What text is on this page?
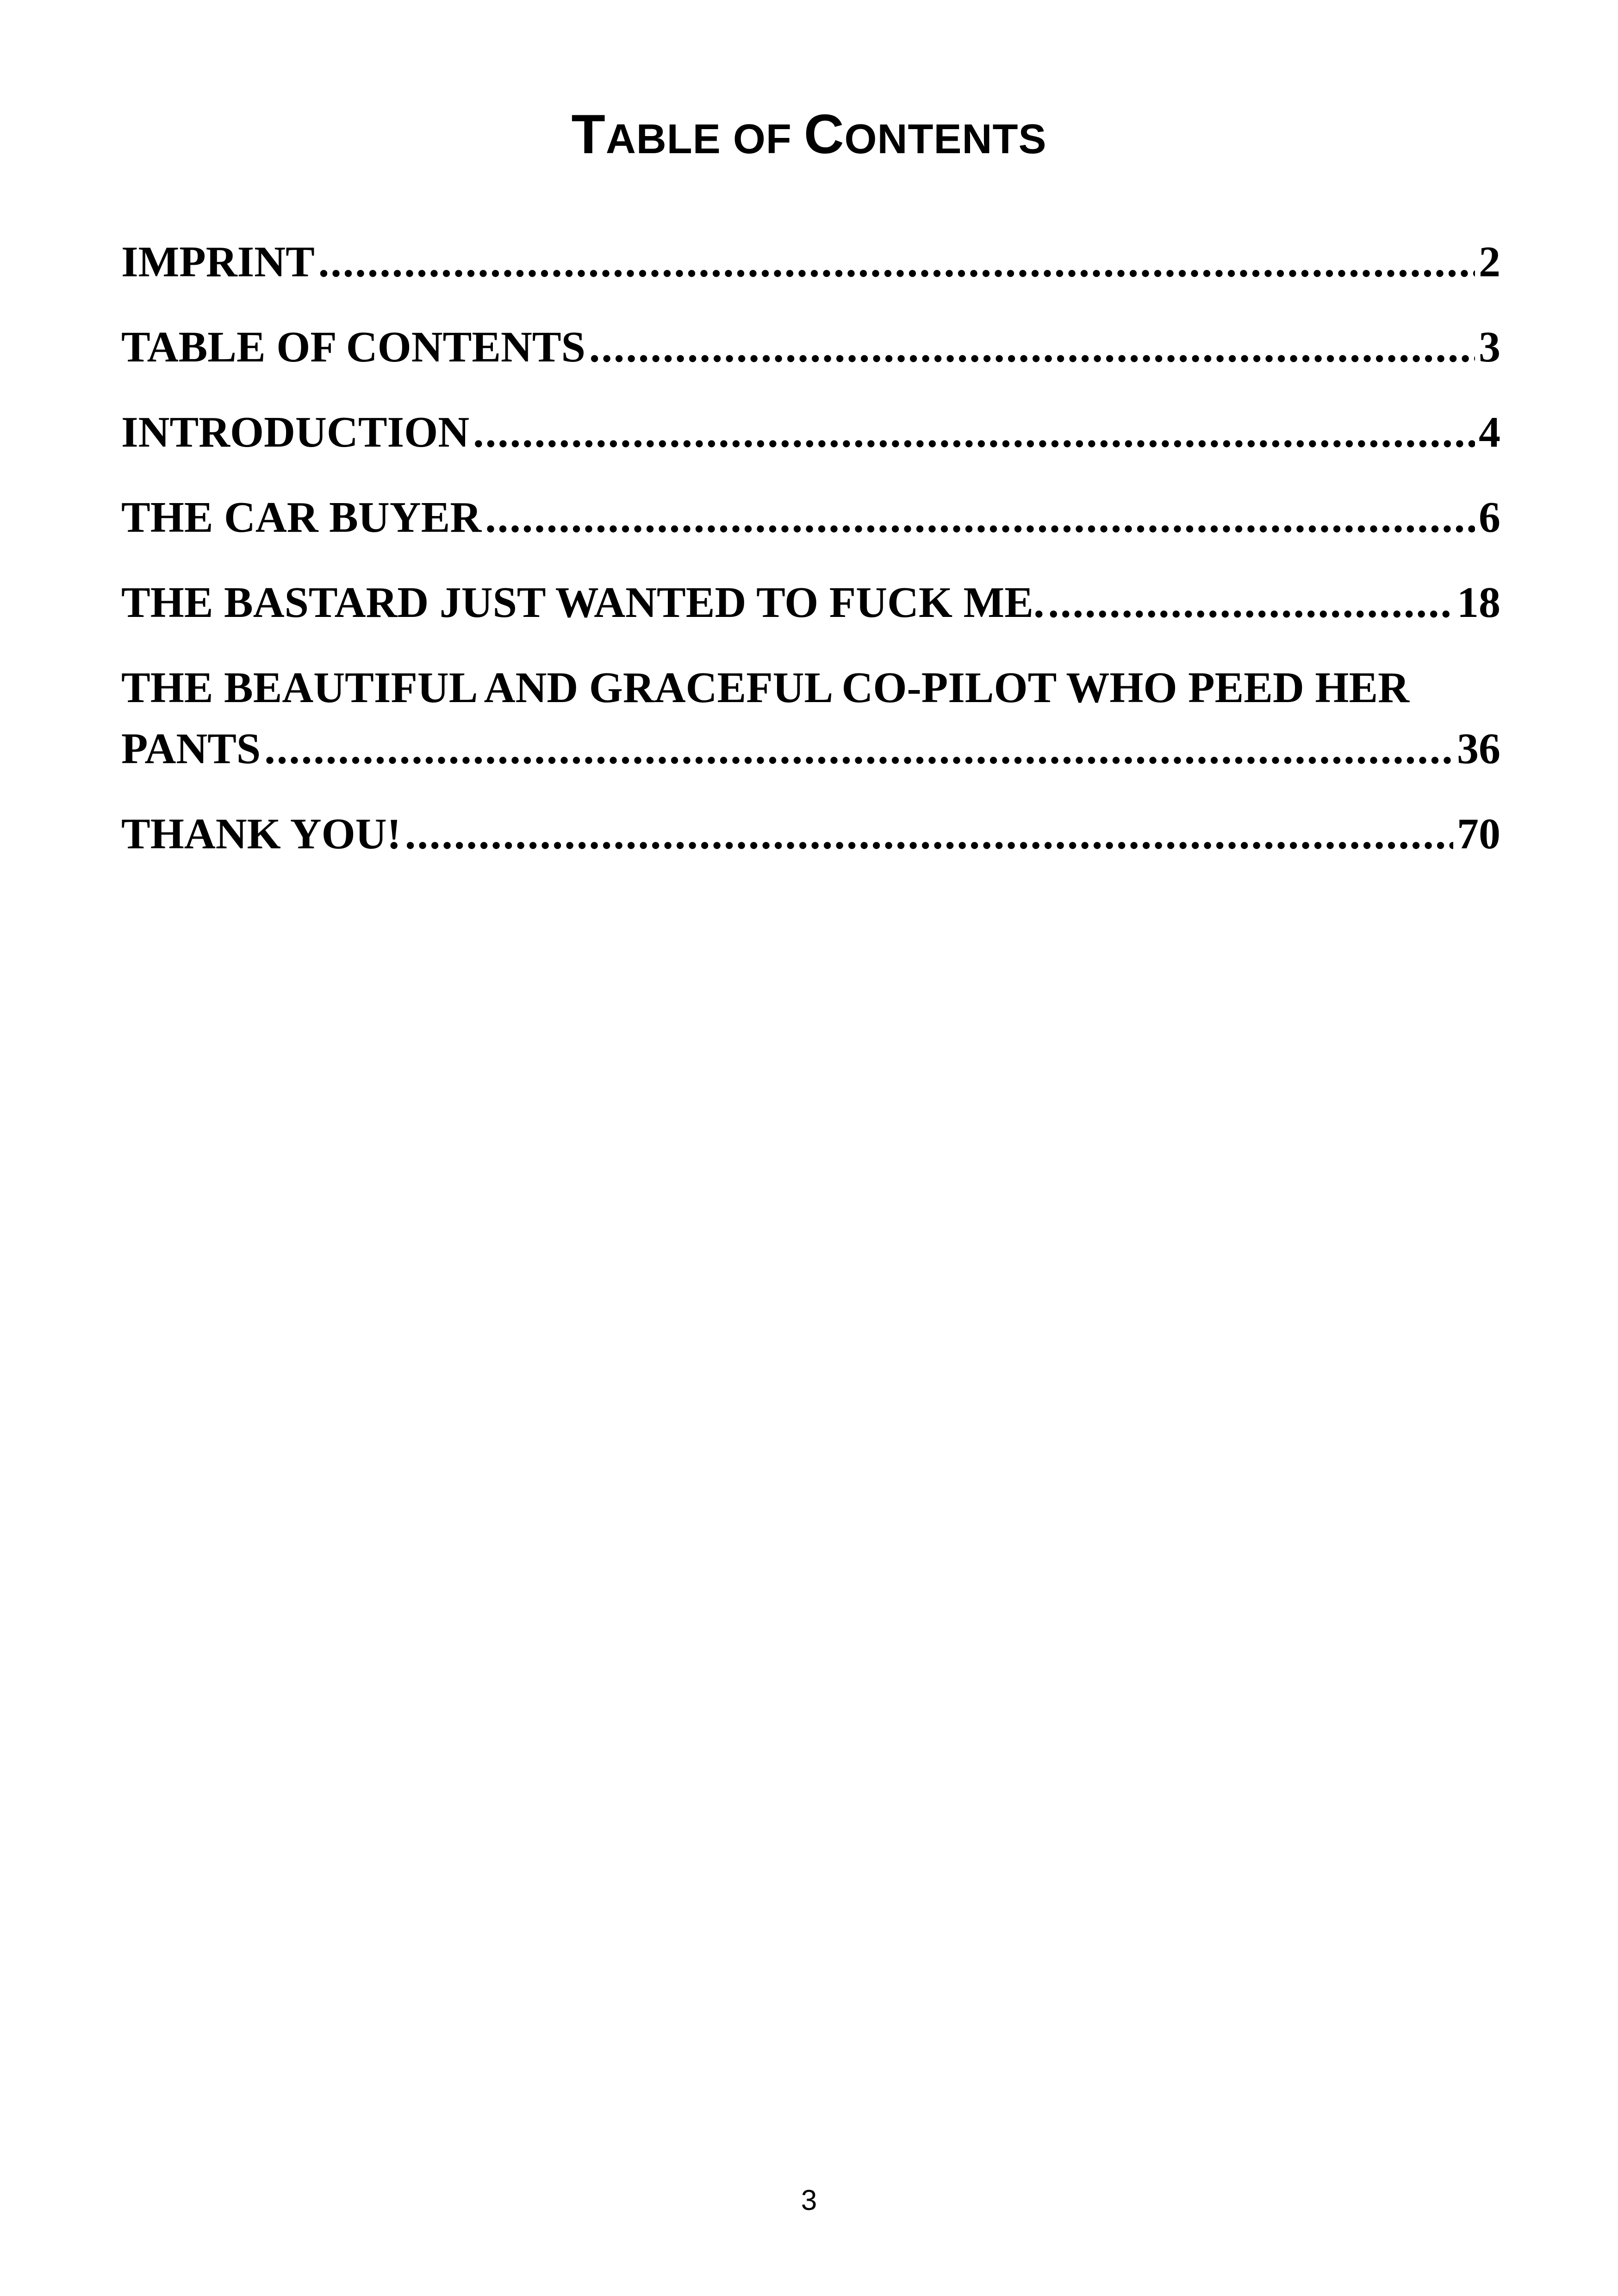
TABLE OF CONTENTS
IMPRINT .....	2
TABLE OF CONTENTS .....	3
INTRODUCTION .....	4
THE CAR BUYER .....	6
THE BASTARD JUST WANTED TO FUCK ME. .....	18
THE BEAUTIFUL AND GRACEFUL CO-PILOT WHO PEED HER
PANTS .....	36
THANK YOU! .....	70
3
